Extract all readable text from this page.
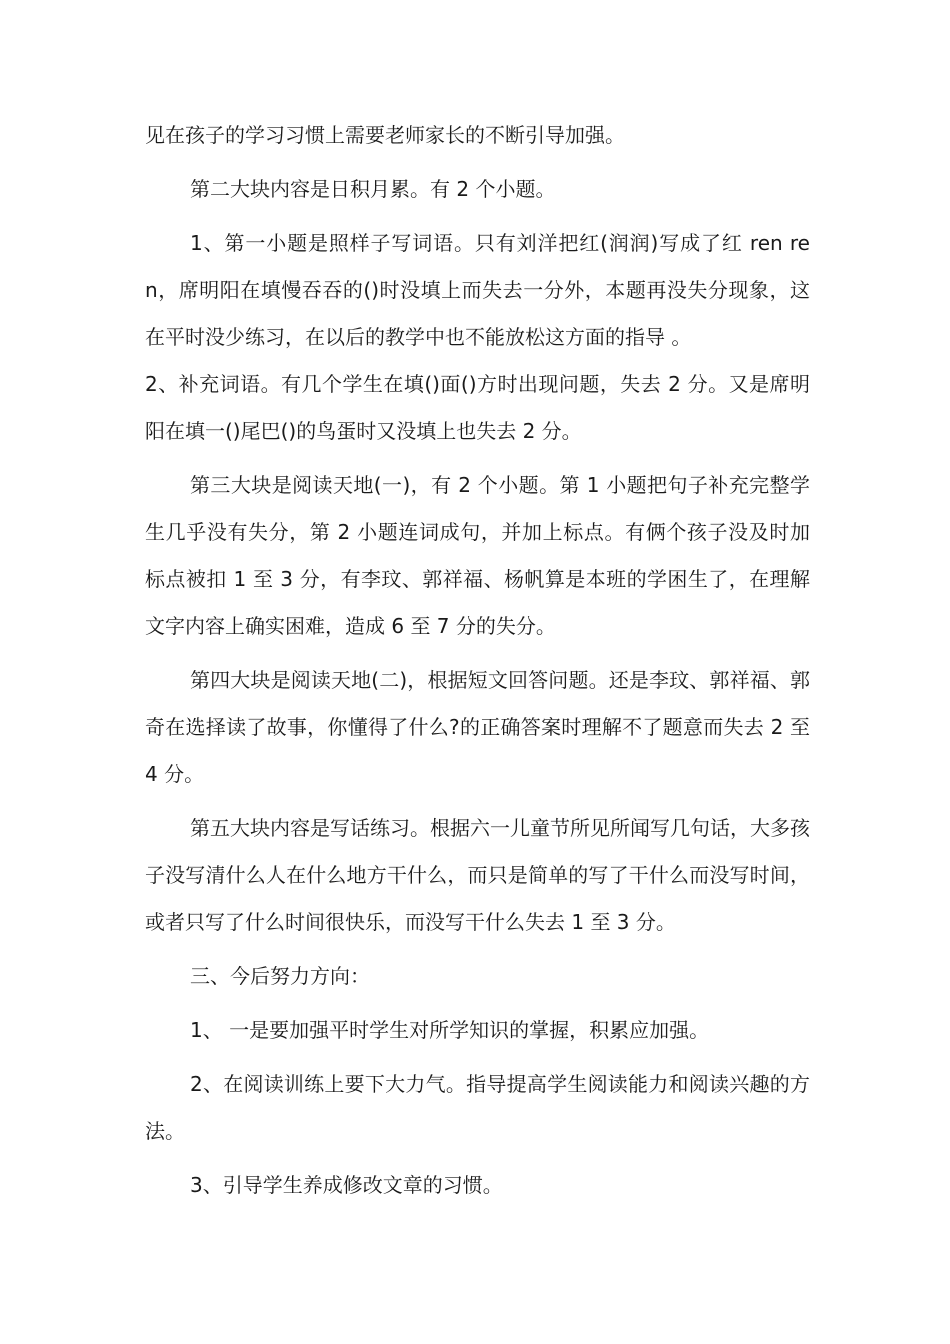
见在孩子的学习习惯上需要老师家长的不断引导加强。

第二大块内容是日积月累。有 2 个小题。

1、第一小题是照样子写词语。只有刘洋把红(润润)写成了红 ren ren，席明阳在填慢吞吞的()时没填上而失去一分外，本题再没失分现象，这在平时没少练习，在以后的教学中也不能放松这方面的指导 。

2、补充词语。有几个学生在填()面()方时出现问题，失去 2 分。又是席明阳在填一()尾巴()的鸟蛋时又没填上也失去 2 分。

第三大块是阅读天地(一)，有 2 个小题。第 1 小题把句子补充完整学生几乎没有失分，第 2 小题连词成句，并加上标点。有俩个孩子没及时加标点被扣 1 至 3 分，有李玟、郭祥福、杨帆算是本班的学困生了，在理解文字内容上确实困难，造成 6 至 7 分的失分。

第四大块是阅读天地(二)，根据短文回答问题。还是李玟、郭祥福、郭奇在选择读了故事，你懂得了什么?的正确答案时理解不了题意而失去 2 至 4 分。

第五大块内容是写话练习。根据六一儿童节所见所闻写几句话，大多孩子没写清什么人在什么地方干什么，而只是简单的写了干什么而没写时间，或者只写了什么时间很快乐，而没写干什么失去 1 至 3 分。

三、今后努力方向：

1、 一是要加强平时学生对所学知识的掌握，积累应加强。

2、在阅读训练上要下大力气。指导提高学生阅读能力和阅读兴趣的方法。

3、引导学生养成修改文章的习惯。
